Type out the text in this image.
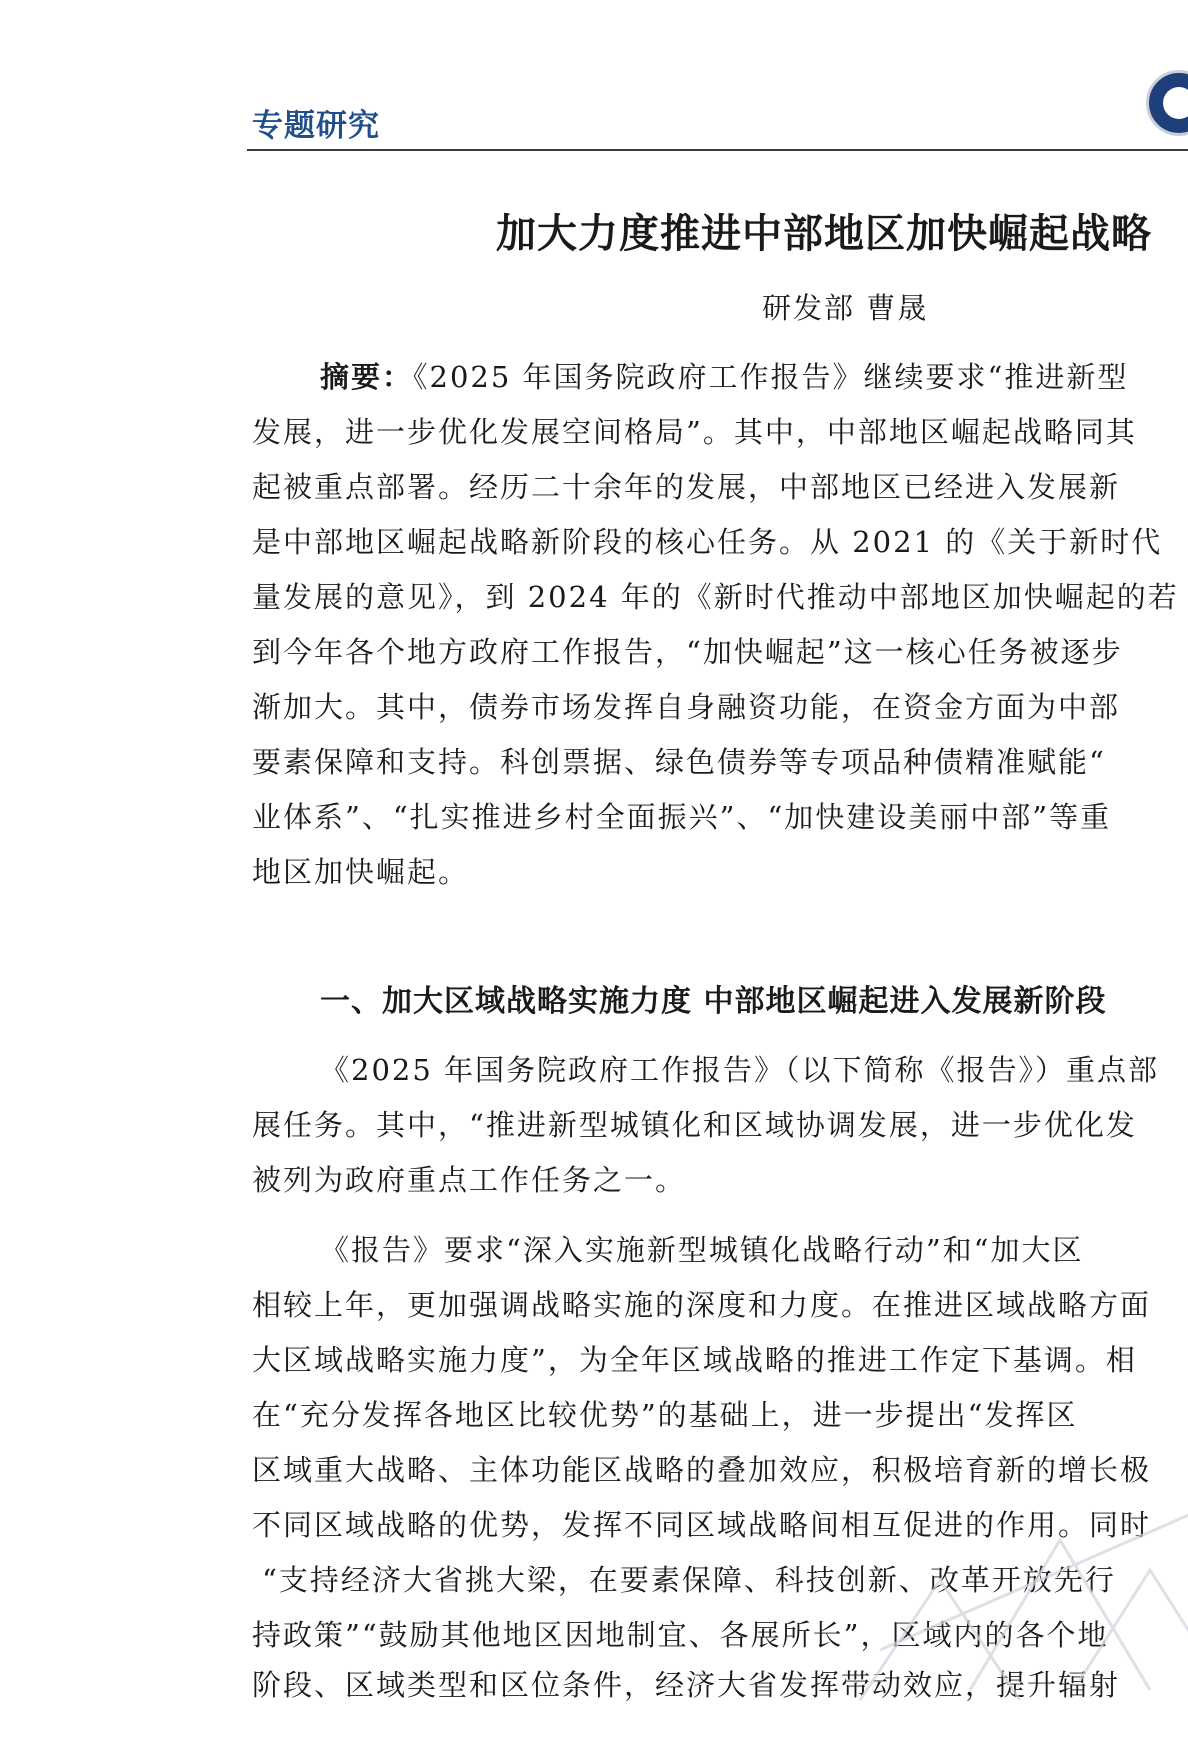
专题研究
加大力度推进中部地区加快崛起战略
研发部 曹晟
摘要：《2025 年国务院政府工作报告》继续要求“推进新型
发展，进一步优化发展空间格局”。其中，中部地区崛起战略同其
起被重点部署。经历二十余年的发展，中部地区已经进入发展新
是中部地区崛起战略新阶段的核心任务。从 2021 的《关于新时代
量发展的意见》，到 2024 年的《新时代推动中部地区加快崛起的若
到今年各个地方政府工作报告，“加快崛起”这一核心任务被逐步
渐加大。其中，债券市场发挥自身融资功能，在资金方面为中部
要素保障和支持。科创票据、绿色债券等专项品种债精准赋能“
业体系”、“扎实推进乡村全面振兴”、“加快建设美丽中部”等重
地区加快崛起。
一、加大区域战略实施力度 中部地区崛起进入发展新阶段
《2025 年国务院政府工作报告》（以下简称《报告》）重点部
展任务。其中，“推进新型城镇化和区域协调发展，进一步优化发
被列为政府重点工作任务之一。
《报告》要求“深入实施新型城镇化战略行动”和“加大区
相较上年，更加强调战略实施的深度和力度。在推进区域战略方面
大区域战略实施力度”，为全年区域战略的推进工作定下基调。相
在“充分发挥各地区比较优势”的基础上，进一步提出“发挥区
区域重大战略、主体功能区战略的叠加效应，积极培育新的增长极
不同区域战略的优势，发挥不同区域战略间相互促进的作用。同时
“支持经济大省挑大梁，在要素保障、科技创新、改革开放先行
持政策”“鼓励其他地区因地制宜、各展所长”，区域内的各个地
阶段、区域类型和区位条件，经济大省发挥带动效应，提升辐射
